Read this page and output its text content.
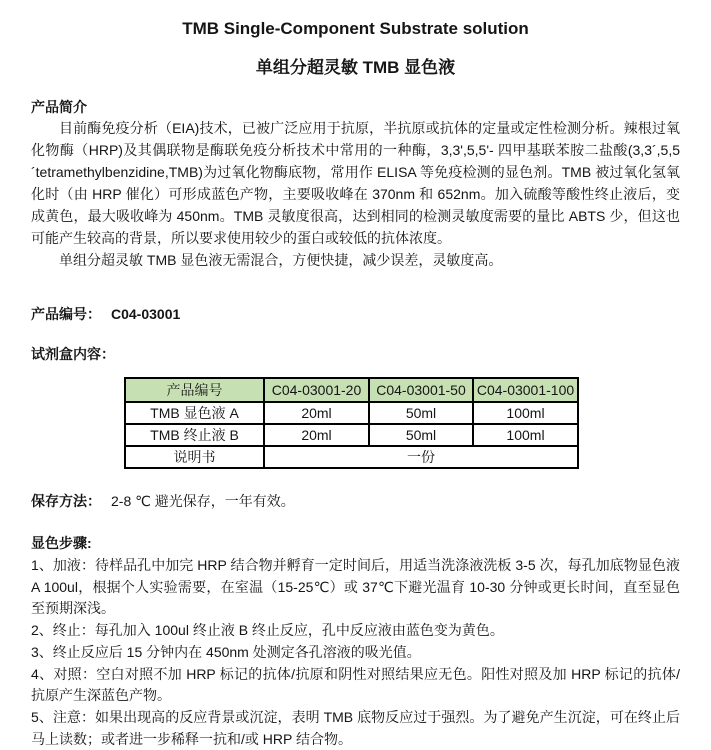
TMB Single-Component Substrate solution
单组分超灵敏 TMB 显色液
产品简介

目前酶免疫分析（EIA)技术，已被广泛应用于抗原，半抗原或抗体的定量或定性检测分析。辣根过氧化物酶（HRP)及其偶联物是酶联免疫分析技术中常用的一种酶，3,3',5,5'- 四甲基联苯胺二盐酸(3,3´,5,5´tetramethylbenzidine,TMB)为过氧化物酶底物，常用作 ELISA 等免疫检测的显色剂。TMB 被过氧化氢氧化时（由 HRP 催化）可形成蓝色产物，主要吸收峰在 370nm 和 652nm。加入硫酸等酸性终止液后，变成黄色，最大吸收峰为 450nm。TMB 灵敏度很高，达到相同的检测灵敏度需要的量比 ABTS 少，但这也可能产生较高的背景，所以要求使用较少的蛋白或较低的抗体浓度。

单组分超灵敏 TMB 显色液无需混合，方便快捷，减少误差，灵敏度高。

产品编号： C04-03001
试剂盒内容：
产品编号	C04-03001-20	C04-03001-50	C04-03001-100
TMB 显色液 A	20ml	50ml	100ml
TMB 终止液 B	20ml	50ml	100ml
说明书	一份		
保存方法： 2-8 ℃ 避光保存，一年有效。
显色步骤:

1、加液：待样品孔中加完 HRP 结合物并孵育一定时间后，用适当洗涤液洗板 3-5 次，每孔加底物显色液 A 100ul，根据个人实验需要，在室温（15-25℃）或 37℃下避光温育 10-30 分钟或更长时间，直至显色至预期深浅。

2、终止：每孔加入 100ul 终止液 B 终止反应，孔中反应液由蓝色变为黄色。

3、终止反应后 15 分钟内在 450nm 处测定各孔溶液的吸光值。

4、对照：空白对照不加 HRP 标记的抗体/抗原和阴性对照结果应无色。阳性对照及加 HRP 标记的抗体/抗原产生深蓝色产物。

5、注意：如果出现高的反应背景或沉淀，表明 TMB 底物反应过于强烈。为了避免产生沉淀，可在终止后马上读数；或者进一步稀释一抗和/或 HRP 结合物。
